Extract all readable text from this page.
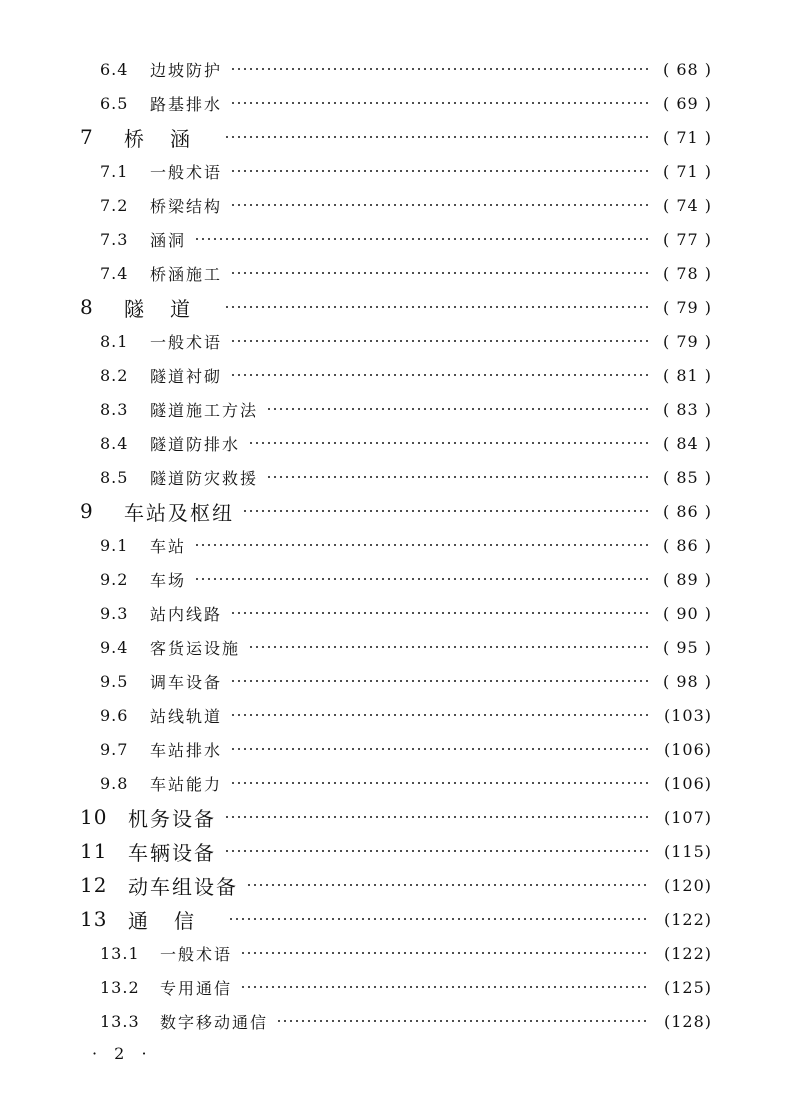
6.4	边坡防护	( 68 )
6.5	路基排水	( 69 )
7	桥涵	( 71 )
7.1	一般术语	( 71 )
7.2	桥梁结构	( 74 )
7.3	涵洞	( 77 )
7.4	桥涵施工	( 78 )
8	隧道	( 79 )
8.1	一般术语	( 79 )
8.2	隧道衬砌	( 81 )
8.3	隧道施工方法	( 83 )
8.4	隧道防排水	( 84 )
8.5	隧道防灾救援	( 85 )
9	车站及枢纽	( 86 )
9.1	车站	( 86 )
9.2	车场	( 89 )
9.3	站内线路	( 90 )
9.4	客货运设施	( 95 )
9.5	调车设备	( 98 )
9.6	站线轨道	(103)
9.7	车站排水	(106)
9.8	车站能力	(106)
10	机务设备	(107)
11	车辆设备	(115)
12	动车组设备	(120)
13	通信	(122)
13.1	一般术语	(122)
13.2	专用通信	(125)
13.3	数字移动通信	(128)
· 2 ·
